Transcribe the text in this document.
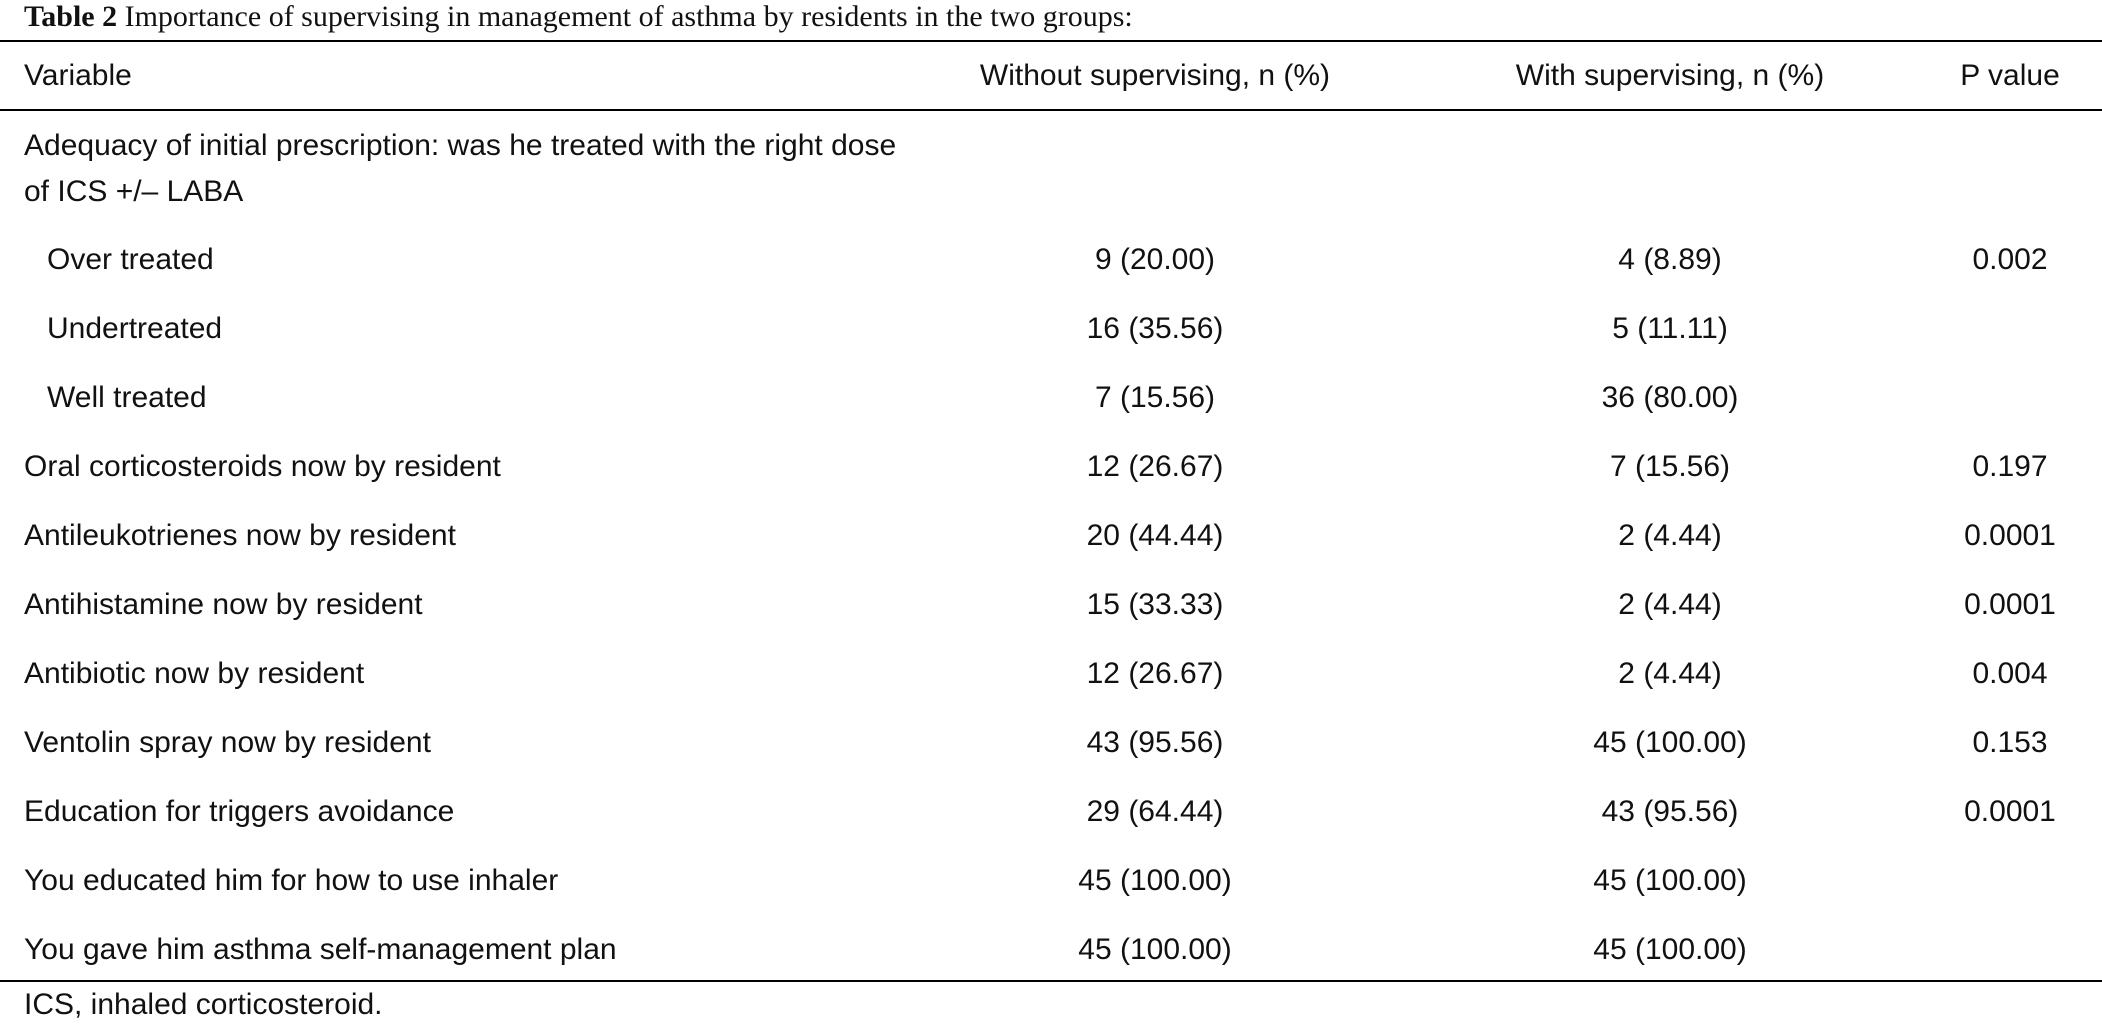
Table 2 Importance of supervising in management of asthma by residents in the two groups:
Variable	Without supervising, n (%)	With supervising, n (%)	P value
Adequacy of initial prescription: was he treated with the right dose of ICS +/– LABA
Over treated	9 (20.00)	4 (8.89)	0.002
Undertreated	16 (35.56)	5 (11.11)
Well treated	7 (15.56)	36 (80.00)
Oral corticosteroids now by resident	12 (26.67)	7 (15.56)	0.197
Antileukotrienes now by resident	20 (44.44)	2 (4.44)	0.0001
Antihistamine now by resident	15 (33.33)	2 (4.44)	0.0001
Antibiotic now by resident	12 (26.67)	2 (4.44)	0.004
Ventolin spray now by resident	43 (95.56)	45 (100.00)	0.153
Education for triggers avoidance	29 (64.44)	43 (95.56)	0.0001
You educated him for how to use inhaler	45 (100.00)	45 (100.00)
You gave him asthma self-management plan	45 (100.00)	45 (100.00)
ICS, inhaled corticosteroid.
